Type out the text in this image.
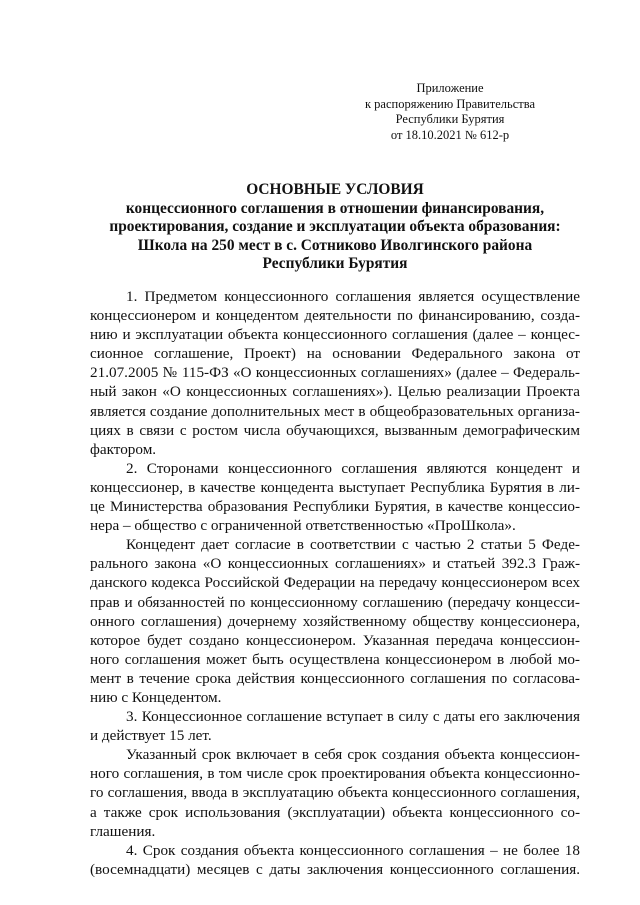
Приложение
к распоряжению Правительства
Республики Бурятия
от 18.10.2021 № 612-р
ОСНОВНЫЕ УСЛОВИЯ
концессионного соглашения в отношении финансирования,
проектирования, создание и эксплуатации объекта образования:
Школа на 250 мест в с. Сотниково Иволгинского района
Республики Бурятия
1. Предметом концессионного соглашения является осуществление
концессионером и концедентом деятельности по финансированию, созда-
нию и эксплуатации объекта концессионного соглашения (далее – концес-
сионное соглашение, Проект) на основании Федерального закона от
21.07.2005 № 115-ФЗ «О концессионных соглашениях» (далее – Федераль-
ный закон «О концессионных соглашениях»). Целью реализации Проекта
является создание дополнительных мест в общеобразовательных организа-
циях в связи с ростом числа обучающихся, вызванным демографическим
фактором.
2. Сторонами концессионного соглашения являются концедент и
концессионер, в качестве концедента выступает Республика Бурятия в ли-
це Министерства образования Республики Бурятия, в качестве концессио-
нера – общество с ограниченной ответственностью «ПроШкола».
Концедент дает согласие в соответствии с частью 2 статьи 5 Феде-
рального закона «О концессионных соглашениях» и статьей 392.3 Граж-
данского кодекса Российской Федерации на передачу концессионером всех
прав и обязанностей по концессионному соглашению (передачу концесси-
онного соглашения) дочернему хозяйственному обществу концессионера,
которое будет создано концессионером. Указанная передача концессион-
ного соглашения может быть осуществлена концессионером в любой мо-
мент в течение срока действия концессионного соглашения по согласова-
нию с Концедентом.
3. Концессионное соглашение вступает в силу с даты его заключения
и действует 15 лет.
Указанный срок включает в себя срок создания объекта концессион-
ного соглашения, в том числе срок проектирования объекта концессионно-
го соглашения, ввода в эксплуатацию объекта концессионного соглашения,
а также срок использования (эксплуатации) объекта концессионного со-
глашения.
4. Срок создания объекта концессионного соглашения – не более 18
(восемнадцати) месяцев с даты заключения концессионного соглашения.
